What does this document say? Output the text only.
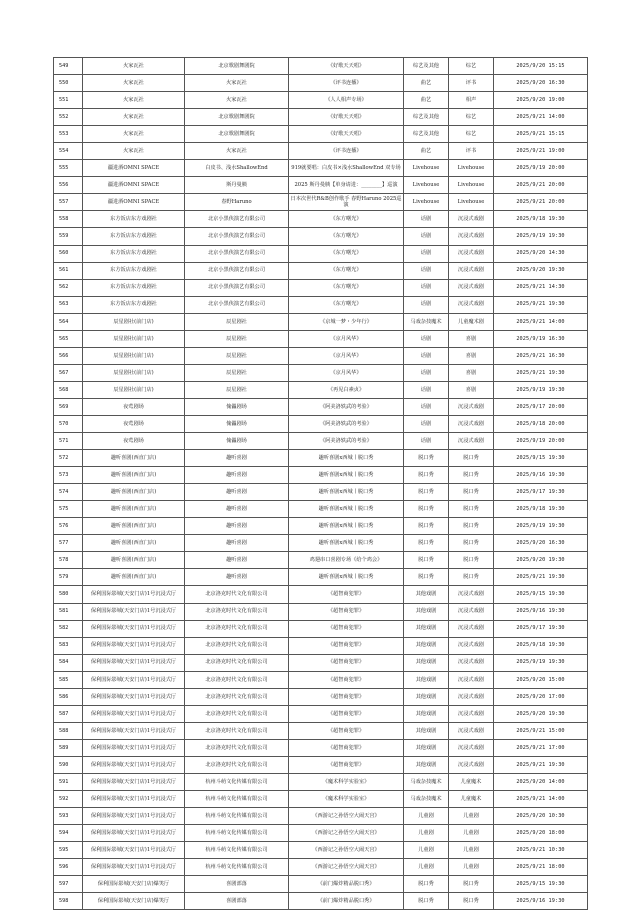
549	火家瓦社	北京歌剧舞剧院	《好歌天天唱》	综艺及其他	综艺	2025/9/20 15:15
550	火家瓦社	火家瓦社	《评书连播》	曲艺	评书	2025/9/20 16:30
551	火家瓦社	火家瓦社	《人人相声专场》	曲艺	相声	2025/9/20 19:00
552	火家瓦社	北京歌剧舞剧院	《好歌天天唱》	综艺及其他	综艺	2025/9/21 14:00
553	火家瓦社	北京歌剧舞剧院	《好歌天天唱》	综艺及其他	综艺	2025/9/21 15:15
554	火家瓦社	火家瓦社	《评书连播》	曲艺	评书	2025/9/21 19:00
555	疆进酒OMNI SPACE	白皮书、浅水ShallowEnd	919就要唱：白皮书×浅水ShallowEnd 双专场	Livehouse	Livehouse	2025/9/19 20:00
556	疆进酒OMNI SPACE	斯丹曼胰	2025 斯丹曼胰【单身请进：________】巡演	Livehouse	Livehouse	2025/9/21 20:00
557	疆进酒OMNI SPACE	春野Haruno	日本次世代R&B创作歌手 春野Haruno 2025巡演	Livehouse	Livehouse	2025/9/21 20:00
558	东方饭店东方戏剧社	北京小黑侠演艺有限公司	《东方曙光》	话剧	沉浸式戏剧	2025/9/18 19:30
559	东方饭店东方戏剧社	北京小黑侠演艺有限公司	《东方曙光》	话剧	沉浸式戏剧	2025/9/19 19:30
560	东方饭店东方戏剧社	北京小黑侠演艺有限公司	《东方曙光》	话剧	沉浸式戏剧	2025/9/20 14:30
561	东方饭店东方戏剧社	北京小黑侠演艺有限公司	《东方曙光》	话剧	沉浸式戏剧	2025/9/20 19:30
562	东方饭店东方戏剧社	北京小黑侠演艺有限公司	《东方曙光》	话剧	沉浸式戏剧	2025/9/21 14:30
563	东方饭店东方戏剧社	北京小黑侠演艺有限公司	《东方曙光》	话剧	沉浸式戏剧	2025/9/21 19:30
564	辰星剧社(前门店)	辰星剧社	《京城一梦・少年行》	马戏杂技魔术	儿童魔术剧	2025/9/21 14:00
565	辰星剧社(前门店)	辰星剧社	《京月风华》	话剧	喜剧	2025/9/19 16:30
566	辰星剧社(前门店)	辰星剧社	《京月风华》	话剧	喜剧	2025/9/21 16:30
567	辰星剧社(前门店)	辰星剧社	《京月风华》	话剧	喜剧	2025/9/21 19:30
568	辰星剧社(前门店)	辰星剧社	《再见白素贞》	话剧	喜剧	2025/9/19 19:30
569	夜莺剧场	傀儡剧场	《阿美洛轶武的考验》	话剧	沉浸式戏剧	2025/9/17 20:00
570	夜莺剧场	傀儡剧场	《阿美洛轶武的考验》	话剧	沉浸式戏剧	2025/9/18 20:00
571	夜莺剧场	傀儡剧场	《阿美洛轶武的考验》	话剧	沉浸式戏剧	2025/9/19 20:00
572	趣听喜剧(西直门店)	趣听喜剧	趣听喜剧x西城丨脱口秀	脱口秀	脱口秀	2025/9/15 19:30
573	趣听喜剧(西直门店)	趣听喜剧	趣听喜剧x西城丨脱口秀	脱口秀	脱口秀	2025/9/16 19:30
574	趣听喜剧(西直门店)	趣听喜剧	趣听喜剧x西城丨脱口秀	脱口秀	脱口秀	2025/9/17 19:30
575	趣听喜剧(西直门店)	趣听喜剧	趣听喜剧x西城丨脱口秀	脱口秀	脱口秀	2025/9/18 19:30
576	趣听喜剧(西直门店)	趣听喜剧	趣听喜剧x西城丨脱口秀	脱口秀	脱口秀	2025/9/19 19:30
577	趣听喜剧(西直门店)	趣听喜剧	趣听喜剧x西城丨脱口秀	脱口秀	脱口秀	2025/9/20 16:30
578	趣听喜剧(西直门店)	趣听喜剧	鸡翅串口喜剧专场《给个鸡会》	脱口秀	脱口秀	2025/9/20 19:30
579	趣听喜剧(西直门店)	趣听喜剧	趣听喜剧x西城丨脱口秀	脱口秀	脱口秀	2025/9/21 19:30
580	保利国际影城(天安门店)1号沉浸式厅	北京洛克时代文化有限公司	《超智商犯罪》	其他戏剧	沉浸式戏剧	2025/9/15 19:30
581	保利国际影城(天安门店)1号沉浸式厅	北京洛克时代文化有限公司	《超智商犯罪》	其他戏剧	沉浸式戏剧	2025/9/16 19:30
582	保利国际影城(天安门店)1号沉浸式厅	北京洛克时代文化有限公司	《超智商犯罪》	其他戏剧	沉浸式戏剧	2025/9/17 19:30
583	保利国际影城(天安门店)1号沉浸式厅	北京洛克时代文化有限公司	《超智商犯罪》	其他戏剧	沉浸式戏剧	2025/9/18 19:30
584	保利国际影城(天安门店)1号沉浸式厅	北京洛克时代文化有限公司	《超智商犯罪》	其他戏剧	沉浸式戏剧	2025/9/19 19:30
585	保利国际影城(天安门店)1号沉浸式厅	北京洛克时代文化有限公司	《超智商犯罪》	其他戏剧	沉浸式戏剧	2025/9/20 15:00
586	保利国际影城(天安门店)1号沉浸式厅	北京洛克时代文化有限公司	《超智商犯罪》	其他戏剧	沉浸式戏剧	2025/9/20 17:00
587	保利国际影城(天安门店)1号沉浸式厅	北京洛克时代文化有限公司	《超智商犯罪》	其他戏剧	沉浸式戏剧	2025/9/20 19:30
588	保利国际影城(天安门店)1号沉浸式厅	北京洛克时代文化有限公司	《超智商犯罪》	其他戏剧	沉浸式戏剧	2025/9/21 15:00
589	保利国际影城(天安门店)1号沉浸式厅	北京洛克时代文化有限公司	《超智商犯罪》	其他戏剧	沉浸式戏剧	2025/9/21 17:00
590	保利国际影城(天安门店)1号沉浸式厅	北京洛克时代文化有限公司	《超智商犯罪》	其他戏剧	沉浸式戏剧	2025/9/21 19:30
591	保利国际影城(天安门店)1号沉浸式厅	杭州斗萌文化传媒有限公司	《魔术科学实验室》	马戏杂技魔术	儿童魔术	2025/9/20 14:00
592	保利国际影城(天安门店)1号沉浸式厅	杭州斗萌文化传媒有限公司	《魔术科学实验室》	马戏杂技魔术	儿童魔术	2025/9/21 14:00
593	保利国际影城(天安门店)1号沉浸式厅	杭州斗萌文化传媒有限公司	《西游记之孙悟空大闹天宫》	儿童剧	儿童剧	2025/9/20 10:30
594	保利国际影城(天安门店)1号沉浸式厅	杭州斗萌文化传媒有限公司	《西游记之孙悟空大闹天宫》	儿童剧	儿童剧	2025/9/20 18:00
595	保利国际影城(天安门店)1号沉浸式厅	杭州斗萌文化传媒有限公司	《西游记之孙悟空大闹天宫》	儿童剧	儿童剧	2025/9/21 10:30
596	保利国际影城(天安门店)1号沉浸式厅	杭州斗萌文化传媒有限公司	《西游记之孙悟空大闹天宫》	儿童剧	儿童剧	2025/9/21 18:00
597	保利国际影城(天安门店)爆笑厅	喜剧部落	《前门爆炸精品脱口秀》	脱口秀	脱口秀	2025/9/15 19:30
598	保利国际影城(天安门店)爆笑厅	喜剧部落	《前门爆炸精品脱口秀》	脱口秀	脱口秀	2025/9/16 19:30
